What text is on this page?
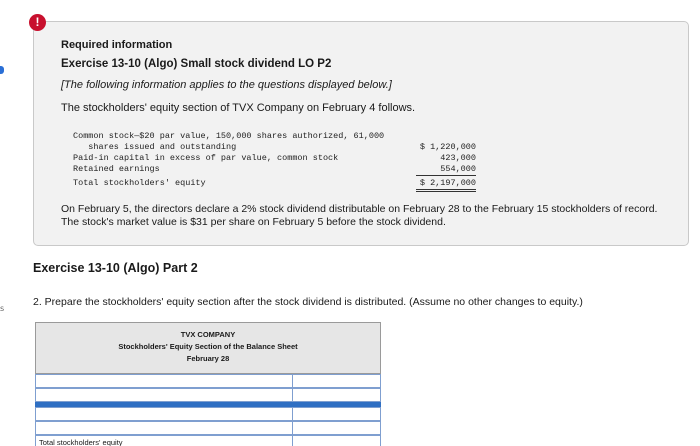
s
!
Required information
Exercise 13-10 (Algo) Small stock dividend LO P2
[The following information applies to the questions displayed below.]
The stockholders' equity section of TVX Company on February 4 follows.
Common stock—$20 par value, 150,000 shares authorized, 61,000
shares issued and outstanding	$ 1,220,000
Paid-in capital in excess of par value, common stock	423,000
Retained earnings	554,000
Total stockholders' equity	$ 2,197,000
On February 5, the directors declare a 2% stock dividend distributable on February 28 to the February 15 stockholders of record. The stock's market value is $31 per share on February 5 before the stock dividend.
Exercise 13-10 (Algo) Part 2
2. Prepare the stockholders' equity section after the stock dividend is distributed. (Assume no other changes to equity.)
TVX COMPANY
Stockholders' Equity Section of the Balance Sheet
February 28
Total stockholders' equity
